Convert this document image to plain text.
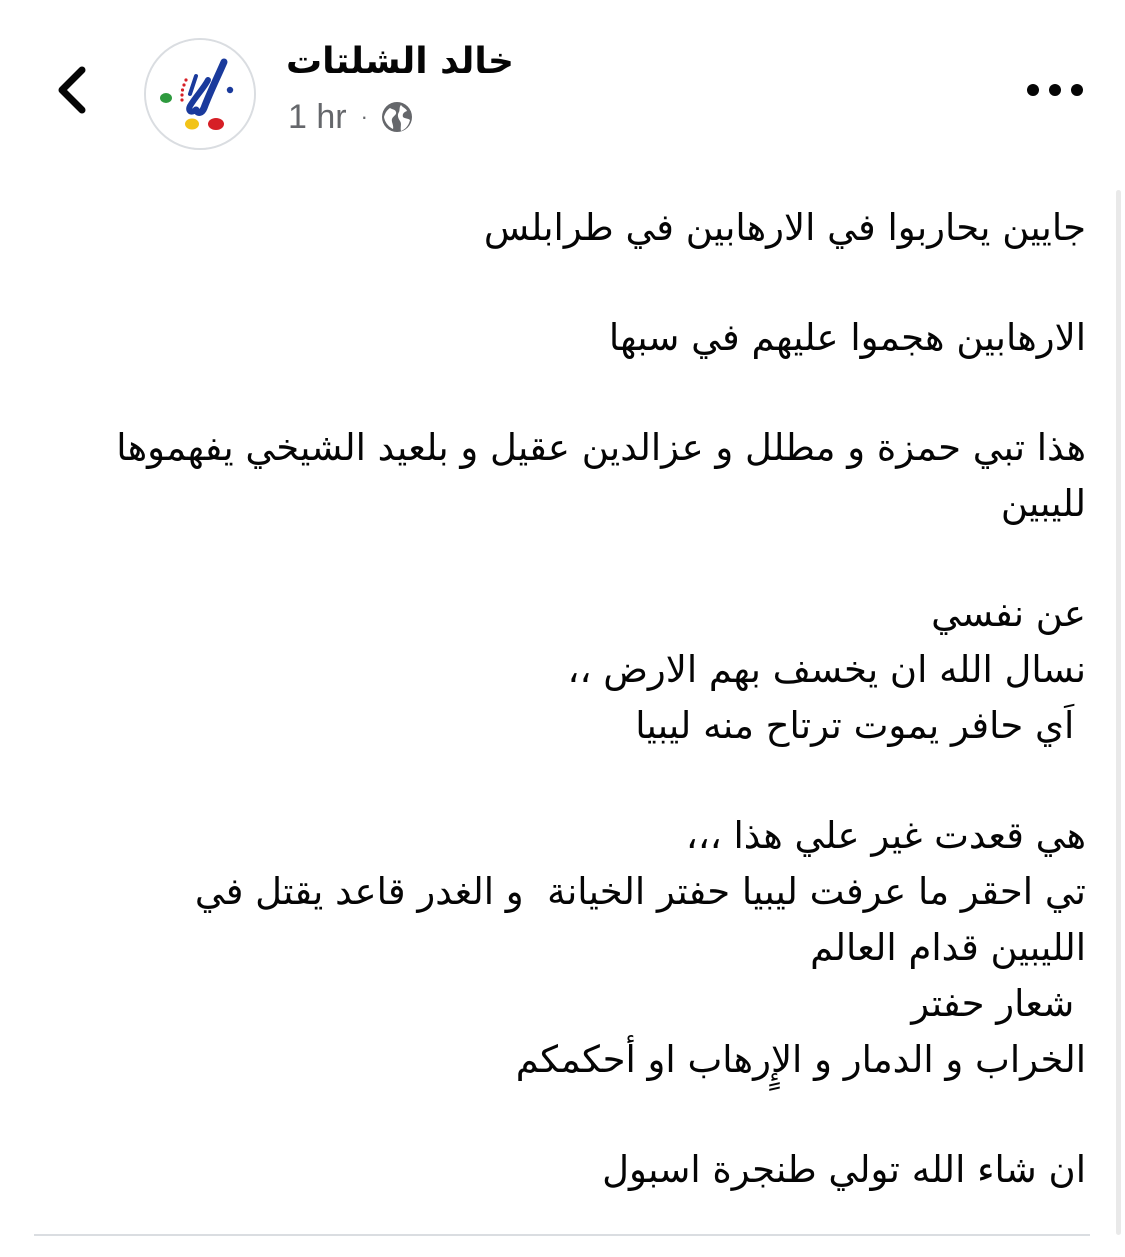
خالد الشلتات
1 hr ·
جايين يحاربوا في الارهابين في طرابلس
الارهابين هجموا عليهم في سبها
هذا تبي حمزة و مطلل و عزالدين عقيل و بلعيد الشيخي يفهموها
لليبين
عن نفسي
نسال الله ان يخسف بهم الارض ،،
اَي حافر يموت ترتاح منه ليبيا
هي قعدت غير علي هذا ،،،
تي احقر ما عرفت ليبيا حفتر الخيانة  و الغدر قاعد يقتل في
الليبين قدام العالم
شعار حفتر
الخراب و الدمار و الإٍرهاب او أحكمكم
ان شاء الله تولي طنجرة اسبول
